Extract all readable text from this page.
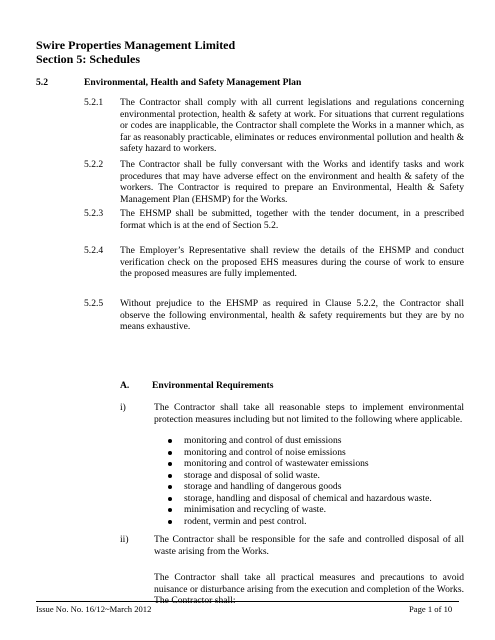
Swire Properties Management Limited
Section 5: Schedules
5.2	Environmental, Health and Safety Management Plan
5.2.1 The Contractor shall comply with all current legislations and regulations concerning environmental protection, health & safety at work. For situations that current regulations or codes are inapplicable, the Contractor shall complete the Works in a manner which, as far as reasonably practicable, eliminates or reduces environmental pollution and health & safety hazard to workers.
5.2.2 The Contractor shall be fully conversant with the Works and identify tasks and work procedures that may have adverse effect on the environment and health & safety of the workers. The Contractor is required to prepare an Environmental, Health & Safety Management Plan (EHSMP) for the Works.
5.2.3 The EHSMP shall be submitted, together with the tender document, in a prescribed format which is at the end of Section 5.2.
5.2.4 The Employer’s Representative shall review the details of the EHSMP and conduct verification check on the proposed EHS measures during the course of work to ensure the proposed measures are fully implemented.
5.2.5 Without prejudice to the EHSMP as required in Clause 5.2.2, the Contractor shall observe the following environmental, health & safety requirements but they are by no means exhaustive.
A. Environmental Requirements
i)	The Contractor shall take all reasonable steps to implement environmental protection measures including but not limited to the following where applicable.
monitoring and control of dust emissions
monitoring and control of noise emissions
monitoring and control of wastewater emissions
storage and disposal of solid waste.
storage and handling of dangerous goods
storage, handling and disposal of chemical and hazardous waste.
minimisation and recycling of waste.
rodent, vermin and pest control.
ii)	The Contractor shall be responsible for the safe and controlled disposal of all waste arising from the Works.
The Contractor shall take all practical measures and precautions to avoid nuisance or disturbance arising from the execution and completion of the Works. The Contractor shall:
Issue No. No. 16/12~March 2012	Page 1 of 10
